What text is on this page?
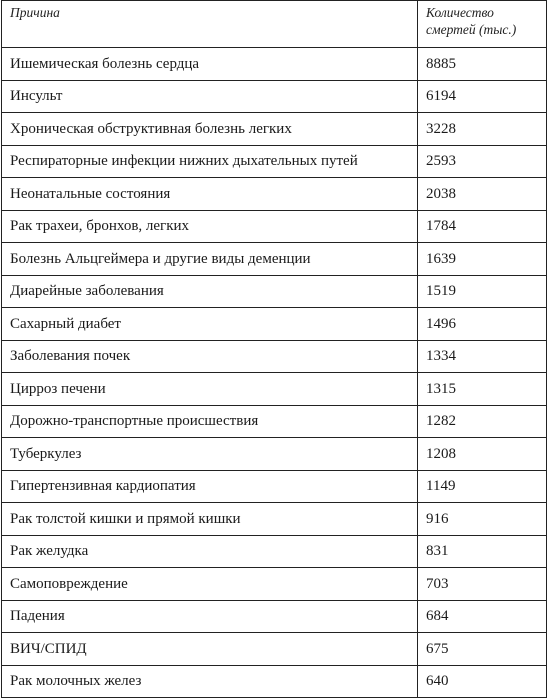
Причина	Количество смертей (тыс.)
Ишемическая болезнь сердца	8885
Инсульт	6194
Хроническая обструктивная болезнь легких	3228
Респираторные инфекции нижних дыхательных путей	2593
Неонатальные состояния	2038
Рак трахеи, бронхов, легких	1784
Болезнь Альцгеймера и другие виды деменции	1639
Диарейные заболевания	1519
Сахарный диабет	1496
Заболевания почек	1334
Цирроз печени	1315
Дорожно-транспортные происшествия	1282
Туберкулез	1208
Гипертензивная кардиопатия	1149
Рак толстой кишки и прямой кишки	916
Рак желудка	831
Самоповреждение	703
Падения	684
ВИЧ/СПИД	675
Рак молочных желез	640
